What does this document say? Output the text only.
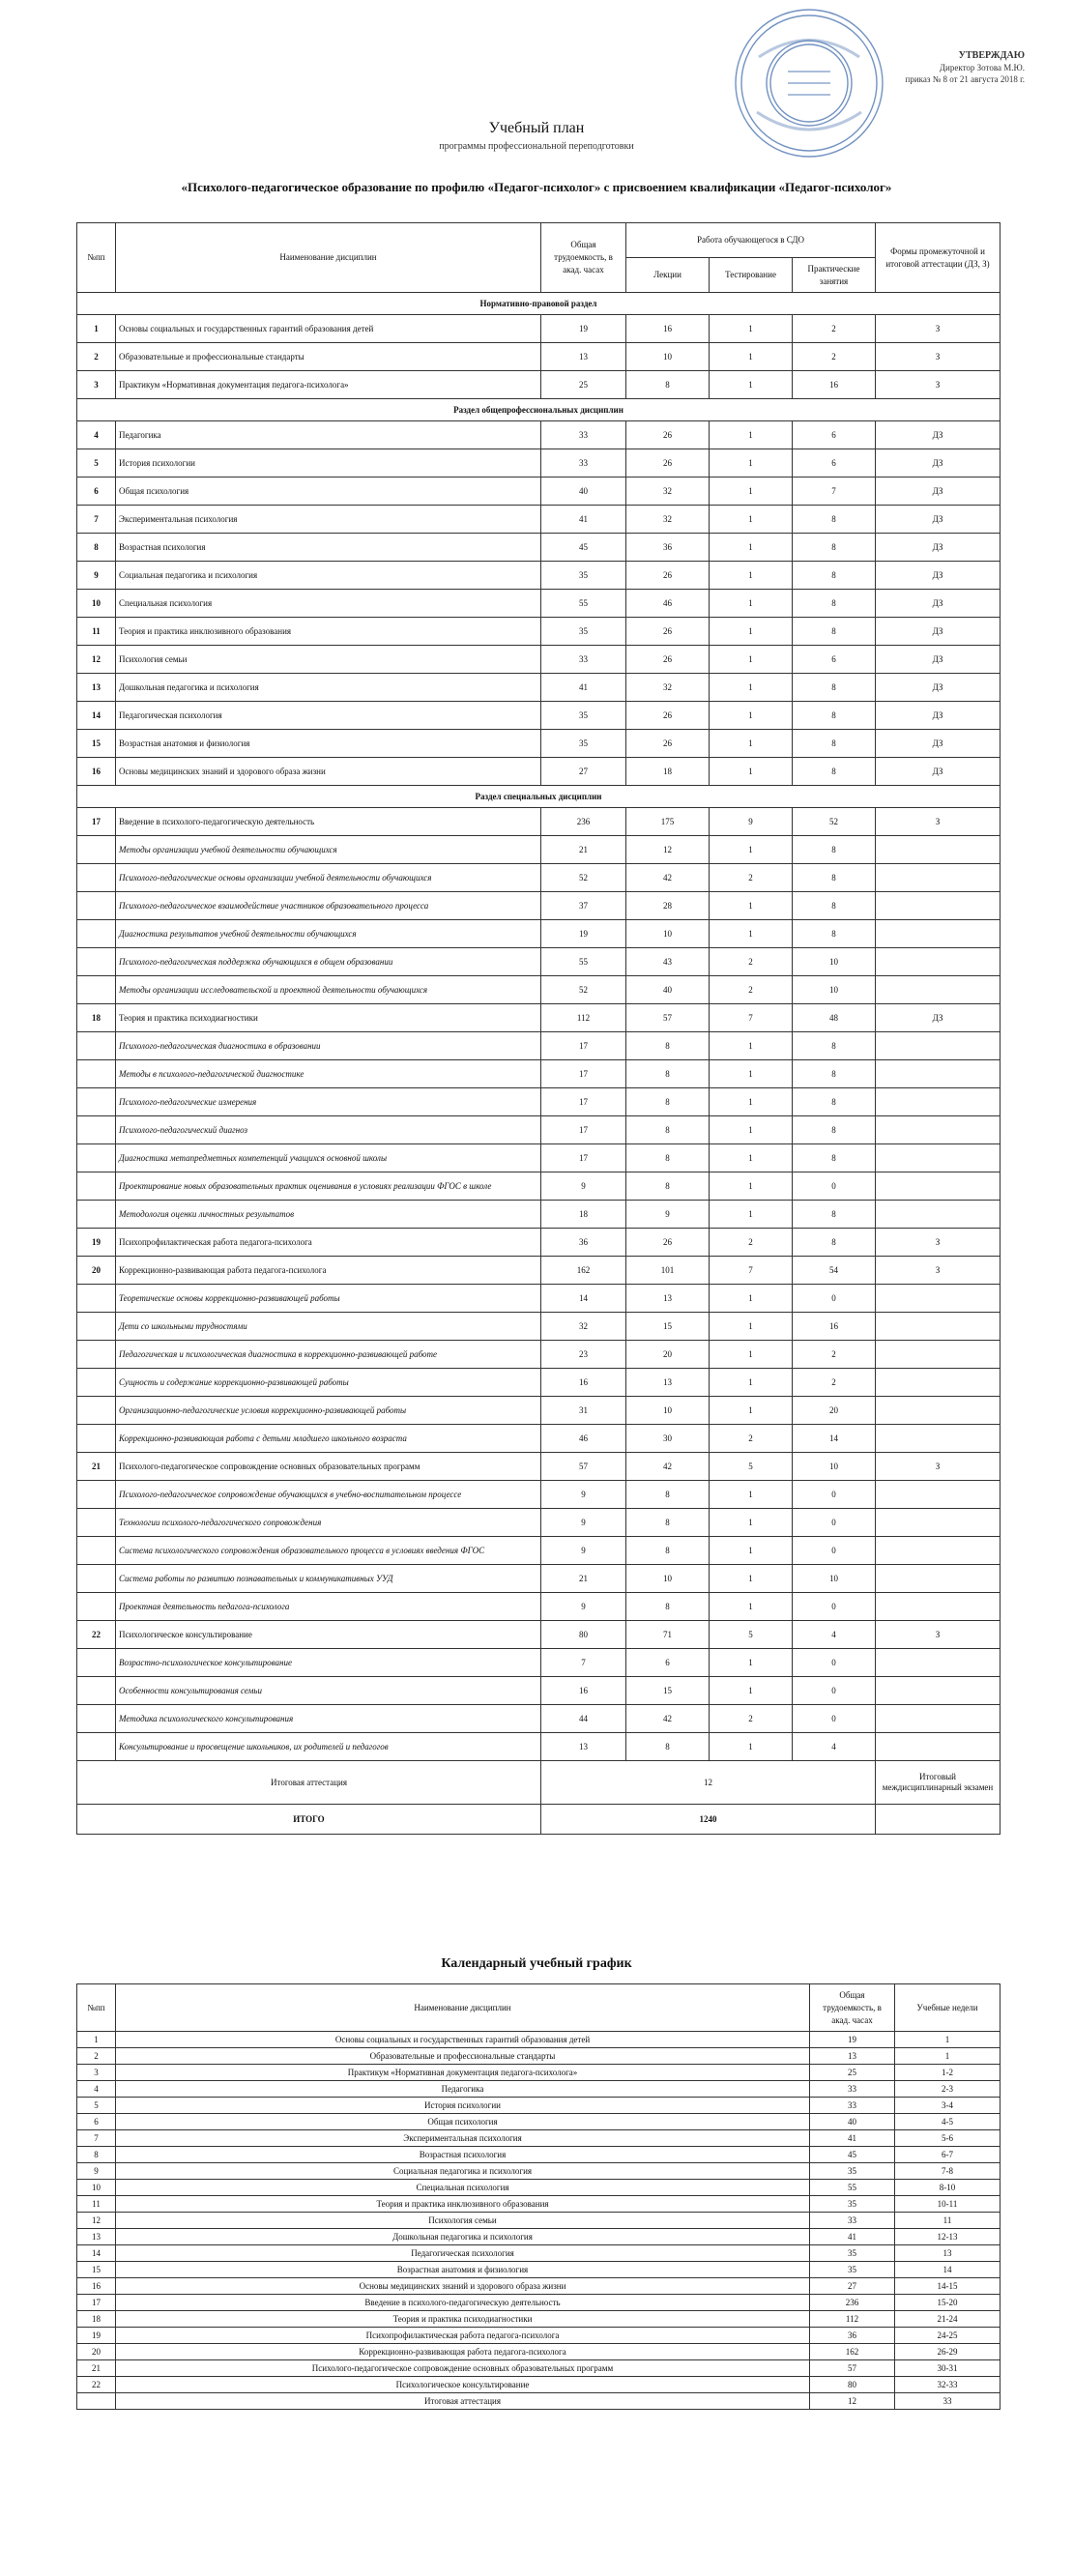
УТВЕРЖДАЮ
Директор Зотова М.Ю.
приказ № 8 от 21 августа 2018 г.
Учебный план
программы профессиональной переподготовки
«Психолого-педагогическое образование по профилю «Педагог-психолог» с присвоением квалификации «Педагог-психолог»
№пп	Наименование дисциплин	Общая трудоемкость, в акад. часах	Работа обучающегося в СДО			Формы промежуточной и итоговой аттестации (ДЗ, З)
			Лекции	Тестирование	Практические занятия	
Нормативно-правовой раздел						
1	Основы социальных и государственных гарантий образования детей	19	16	1	2	З
2	Образовательные и профессиональные стандарты	13	10	1	2	З
3	Практикум «Нормативная документация педагога-психолога»	25	8	1	16	З
Раздел общепрофессиональных дисциплин						
4	Педагогика	33	26	1	6	ДЗ
5	История психологии	33	26	1	6	ДЗ
6	Общая психология	40	32	1	7	ДЗ
7	Экспериментальная психология	41	32	1	8	ДЗ
8	Возрастная психология	45	36	1	8	ДЗ
9	Социальная педагогика и психология	35	26	1	8	ДЗ
10	Специальная психология	55	46	1	8	ДЗ
11	Теория и практика инклюзивного образования	35	26	1	8	ДЗ
12	Психология семьи	33	26	1	6	ДЗ
13	Дошкольная педагогика и психология	41	32	1	8	ДЗ
14	Педагогическая психология	35	26	1	8	ДЗ
15	Возрастная анатомия и физиология	35	26	1	8	ДЗ
16	Основы медицинских знаний и здорового образа жизни	27	18	1	8	ДЗ
Раздел специальных дисциплин						
17	Введение в психолого-педагогическую деятельность	236	175	9	52	З
	Методы организации учебной деятельности обучающихся	21	12	1	8	
	Психолого-педагогические основы организации учебной деятельности обучающихся	52	42	2	8	
	Психолого-педагогическое взаимодействие участников образовательного процесса	37	28	1	8	
	Диагностика результатов учебной деятельности обучающихся	19	10	1	8	
	Психолого-педагогическая поддержка обучающихся в общем образовании	55	43	2	10	
	Методы организации исследовательской и проектной деятельности обучающихся	52	40	2	10	
18	Теория и практика психодиагностики	112	57	7	48	ДЗ
	Психолого-педагогическая диагностика в образовании	17	8	1	8	
	Методы в психолого-педагогической диагностике	17	8	1	8	
	Психолого-педагогические измерения	17	8	1	8	
	Психолого-педагогический диагноз	17	8	1	8	
	Диагностика метапредметных компетенций учащихся основной школы	17	8	1	8	
	Проектирование новых образовательных практик оценивания в условиях реализации ФГОС в школе	9	8	1	0	
	Методология оценки личностных результатов	18	9	1	8	
19	Психопрофилактическая работа педагога-психолога	36	26	2	8	З
20	Коррекционно-развивающая работа педагога-психолога	162	101	7	54	З
	Теоретические основы коррекционно-развивающей работы	14	13	1	0	
	Дети со школьными трудностями	32	15	1	16	
	Педагогическая и психологическая диагностика в коррекционно-развивающей работе	23	20	1	2	
	Сущность и содержание коррекционно-развивающей работы	16	13	1	2	
	Организационно-педагогические условия коррекционно-развивающей работы	31	10	1	20	
	Коррекционно-развивающая работа с детьми младшего школьного возраста	46	30	2	14	
21	Психолого-педагогическое сопровождение основных образовательных программ	57	42	5	10	З
	Психолого-педагогическое сопровождение обучающихся в учебно-воспитательном процессе	9	8	1	0	
	Технологии психолого-педагогического сопровождения	9	8	1	0	
	Система психологического сопровождения образовательного процесса в условиях введения ФГОС	9	8	1	0	
	Система работы по развитию познавательных и коммуникативных УУД	21	10	1	10	
	Проектная деятельность педагога-психолога	9	8	1	0	
22	Психологическое консультирование	80	71	5	4	З
	Возрастно-психологическое консультирование	7	6	1	0	
	Особенности консультирования семьи	16	15	1	0	
	Методика психологического консультирования	44	42	2	0	
	Консультирование и просвещение школьников, их родителей и педагогов	13	8	1	4	
Итоговая аттестация		12				Итоговый междисциплинарный экзамен
ИТОГО		1240				
Календарный учебный график
№пп	Наименование дисциплин	Общая трудоемкость, в акад. часах	Учебные недели
1	Основы социальных и государственных гарантий образования детей	19	1
2	Образовательные и профессиональные стандарты	13	1
3	Практикум «Нормативная документация педагога-психолога»	25	1-2
4	Педагогика	33	2-3
5	История психологии	33	3-4
6	Общая психология	40	4-5
7	Экспериментальная психология	41	5-6
8	Возрастная психология	45	6-7
9	Социальная педагогика и психология	35	7-8
10	Специальная психология	55	8-10
11	Теория и практика инклюзивного образования	35	10-11
12	Психология семьи	33	11
13	Дошкольная педагогика и психология	41	12-13
14	Педагогическая психология	35	13
15	Возрастная анатомия и физиология	35	14
16	Основы медицинских знаний и здорового образа жизни	27	14-15
17	Введение в психолого-педагогическую деятельность	236	15-20
18	Теория и практика психодиагностики	112	21-24
19	Психопрофилактическая работа педагога-психолога	36	24-25
20	Коррекционно-развивающая работа педагога-психолога	162	26-29
21	Психолого-педагогическое сопровождение основных образовательных программ	57	30-31
22	Психологическое консультирование	80	32-33
	Итоговая аттестация	12	33
